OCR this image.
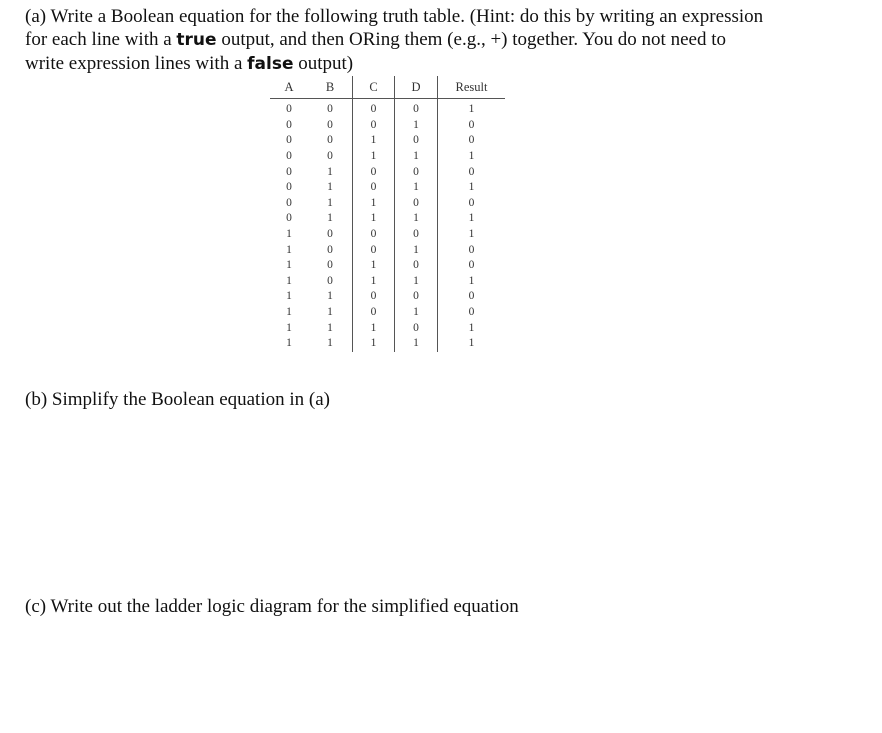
(a) Write a Boolean equation for the following truth table. (Hint: do this by writing an expression for each line with a true output, and then ORing them (e.g., +) together. You do not need to write expression lines with a false output)

A	B	C	D	Result
0	0	0	0	1
0	0	0	1	0
0	0	1	0	0
0	0	1	1	1
0	1	0	0	0
0	1	0	1	1
0	1	1	0	0
0	1	1	1	1
1	0	0	0	1
1	0	0	1	0
1	0	1	0	0
1	0	1	1	1
1	1	0	0	0
1	1	0	1	0
1	1	1	0	1
1	1	1	1	1

(b) Simplify the Boolean equation in (a)

(c) Write out the ladder logic diagram for the simplified equation
